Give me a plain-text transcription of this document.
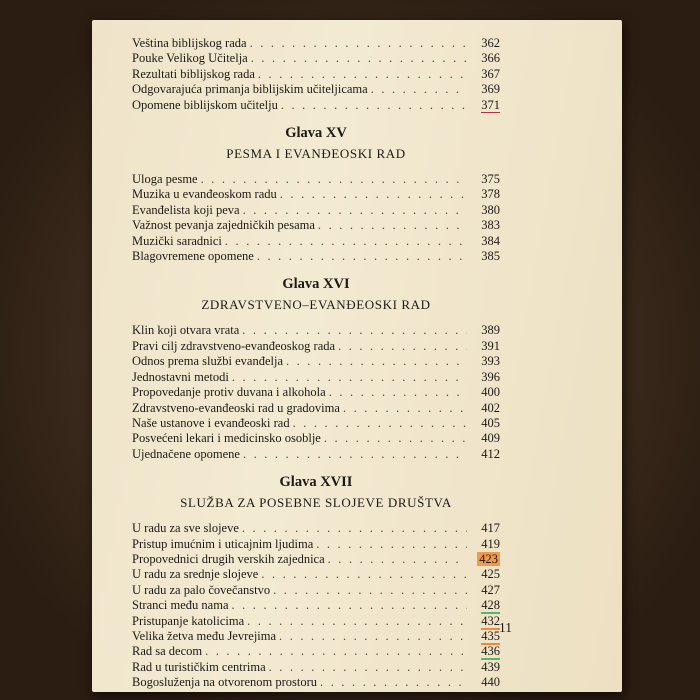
Veština biblijskog rada . . .	362
Pouke Velikog Učitelja . . .	366
Rezultati biblijskog rada . . .	367
Odgovarajuća primanja biblijskim učiteljicama . . .	369
Opomene biblijskom učitelju . . .	371
Glava XV
PESMA I EVANĐEOSKI RAD
Uloga pesme . . .	375
Muzika u evanđeoskom radu . . .	378
Evanđelista koji peva . . .	380
Važnost pevanja zajedničkih pesama . . .	383
Muzički saradnici . . .	384
Blagovremene opomene . . .	385
Glava XVI
ZDRAVSTVENO–EVANĐEOSKI RAD
Klin koji otvara vrata . . .	389
Pravi cilj zdravstveno-evanđeoskog rada . . .	391
Odnos prema službi evanđelja . . .	393
Jednostavni metodi . . .	396
Propovedanje protiv duvana i alkohola . . .	400
Zdravstveno-evanđeoski rad u gradovima . . .	402
Naše ustanove i evanđeoski rad . . .	405
Posvećeni lekari i medicinsko osoblje . . .	409
Ujednačene opomene . . .	412
Glava XVII
SLUŽBA ZA POSEBNE SLOJEVE DRUŠTVA
U radu za sve slojeve . . .	417
Pristup imućnim i uticajnim ljudima . . .	419
Propovednici drugih verskih zajednica . . .	423
U radu za srednje slojeve . . .	425
U radu za palo čovečanstvo . . .	427
Stranci među nama . . .	428
Pristupanje katolicima . . .	432
Velika žetva među Jevrejima . . .	435
Rad sa decom . . .	436
Rad u turističkim centrima . . .	439
Bogosluženja na otvorenom prostoru . . .	440
11
